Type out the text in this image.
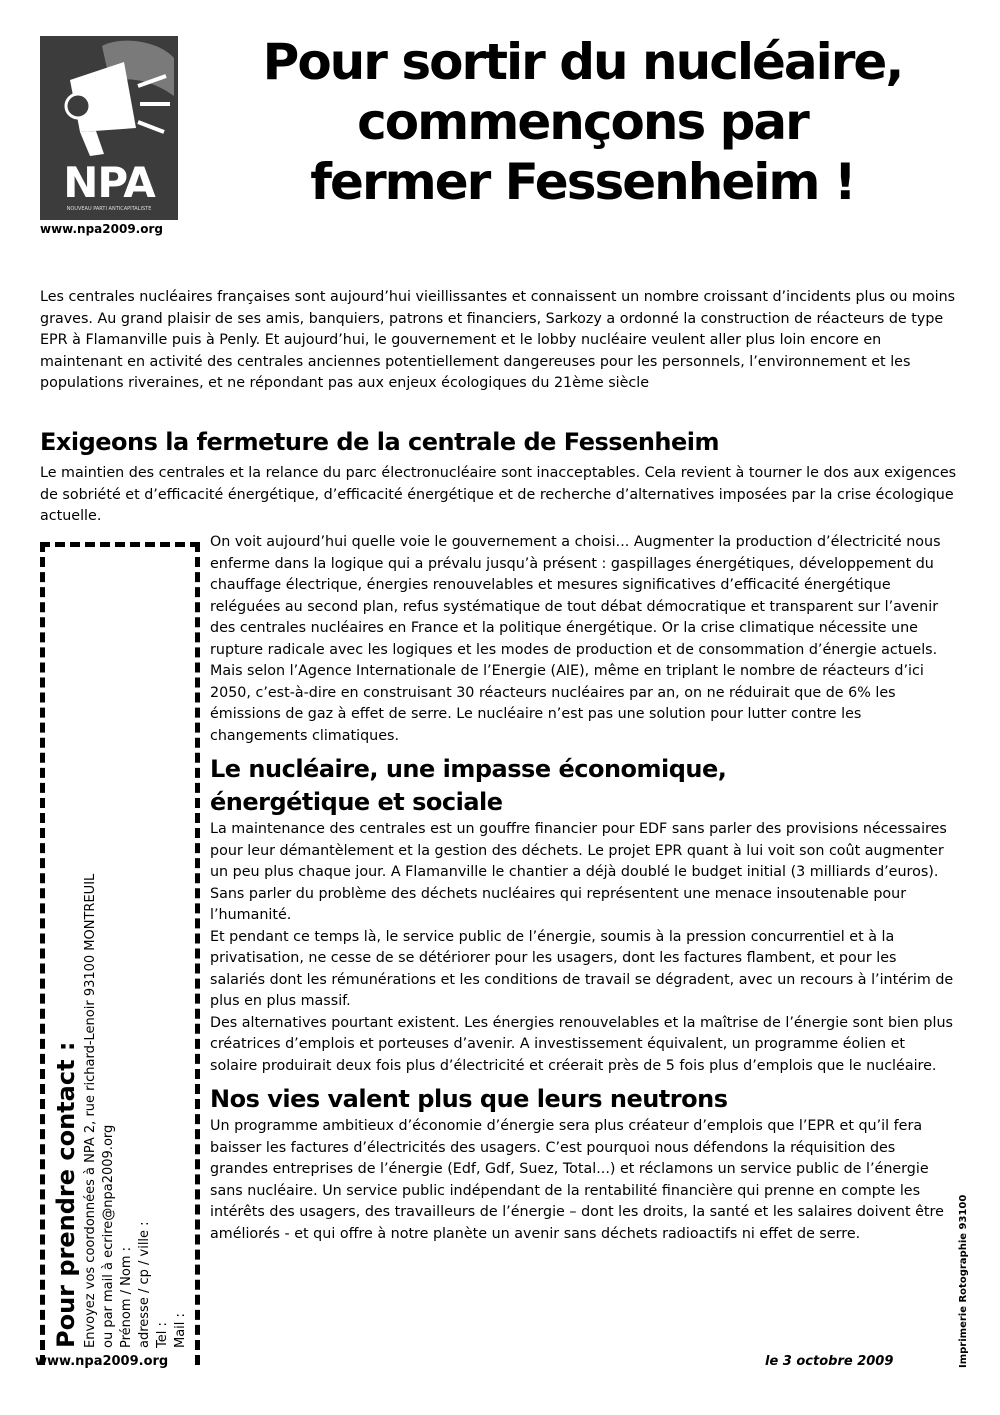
NPA
NOUVEAU PARTI ANTICAPITALISTE
www.npa2009.org
Pour sortir du nucléaire,
commençons par
fermer Fessenheim !
Les centrales nucléaires françaises sont aujourd’hui vieillissantes et connaissent un nombre croissant d’incidents plus ou moins graves. Au grand plaisir de ses amis, banquiers, patrons et financiers, Sarkozy a ordonné la construction de réacteurs de type EPR à Flamanville puis à Penly. Et aujourd’hui, le gouvernement et le lobby nucléaire veulent aller plus loin encore en maintenant en activité des centrales anciennes potentiellement dangereuses pour les personnels, l’environnement et les populations riveraines, et ne répondant pas aux enjeux écologiques du 21ème siècle
Exigeons la fermeture de la centrale de Fessenheim
Le maintien des centrales et la relance du parc électronucléaire sont inacceptables. Cela revient à tourner le dos aux exigences de sobriété et d’efficacité énergétique, d’efficacité énergétique et de recherche d’alternatives imposées par la crise écologique actuelle.
Pour prendre contact : Envoyez vos coordonnées à NPA 2, rue richard-Lenoir 93100 MONTREUIL ou par mail à ecrire@npa2009.org Prénom / Nom : adresse / cp / ville : Tel : Mail :

On voit aujourd’hui quelle voie le gouvernement a choisi... Augmenter la production d’électricité nous enferme dans la logique qui a prévalu jusqu’à présent : gaspillages énergétiques, développement du chauffage électrique, énergies renouvelables et mesures significatives d’efficacité énergétique reléguées au second plan, refus systématique de tout débat démocratique et transparent sur l’avenir des centrales nucléaires en France et la politique énergétique. Or la crise climatique nécessite une rupture radicale avec les logiques et les modes de production et de consommation d’énergie actuels. Mais selon l’Agence Internationale de l’Energie (AIE), même en triplant le nombre de réacteurs d’ici 2050, c’est-à-dire en construisant 30 réacteurs nucléaires par an, on ne réduirait que de 6% les émissions de gaz à effet de serre. Le nucléaire n’est pas une solution pour lutter contre les changements climatiques.

Le nucléaire, une impasse économique,
énergétique et sociale

La maintenance des centrales est un gouffre financier pour EDF sans parler des provisions nécessaires pour leur démantèlement et la gestion des déchets. Le projet EPR quant à lui voit son coût augmenter un peu plus chaque jour. A Flamanville le chantier a déjà doublé le budget initial (3 milliards d’euros). Sans parler du problème des déchets nucléaires qui représentent une menace insoutenable pour l’humanité.

Et pendant ce temps là, le service public de l’énergie, soumis à la pression concurrentiel et à la privatisation, ne cesse de se détériorer pour les usagers, dont les factures flambent, et pour les salariés dont les rémunérations et les conditions de travail se dégradent, avec un recours à l’intérim de plus en plus massif.

Des alternatives pourtant existent. Les énergies renouvelables et la maîtrise de l’énergie sont bien plus créatrices d’emplois et porteuses d’avenir. A investissement équivalent, un programme éolien et solaire produirait deux fois plus d’électricité et créerait près de 5 fois plus d’emplois que le nucléaire.

Nos vies valent plus que leurs neutrons

Un programme ambitieux d’économie d’énergie sera plus créateur d’emplois que l’EPR et qu’il fera baisser les factures d’électricités des usagers. C’est pourquoi nous défendons la réquisition des grandes entreprises de l’énergie (Edf, Gdf, Suez, Total...) et réclamons un service public de l’énergie sans nucléaire. Un service public indépendant de la rentabilité financière qui prenne en compte les intérêts des usagers, des travailleurs de l’énergie – dont les droits, la santé et les salaires doivent être améliorés - et qui offre à notre planète un avenir sans déchets radioactifs ni effet de serre.

www.npa2009.org	le 3 octobre 2009	Imprimerie Rotographie 93100
